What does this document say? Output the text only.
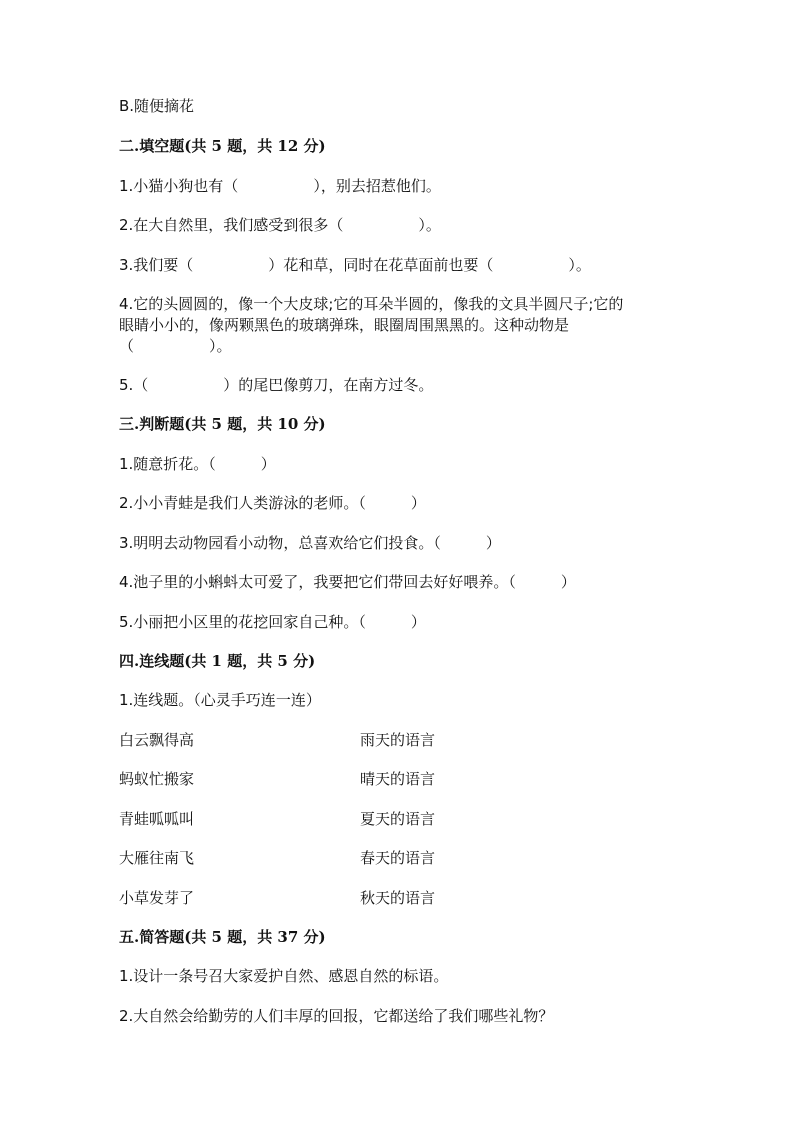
B.随便摘花
二.填空题(共 5 题，共 12 分)
1.小猫小狗也有（　　　　　），别去招惹他们。
2.在大自然里，我们感受到很多（　　　　　）。
3.我们要（　　　　　）花和草，同时在花草面前也要（　　　　　）。
4.它的头圆圆的，像一个大皮球;它的耳朵半圆的，像我的文具半圆尺子;它的
眼睛小小的，像两颗黑色的玻璃弹珠，眼圈周围黑黑的。这种动物是
（　　　　　）。
5.（　　　　　）的尾巴像剪刀，在南方过冬。
三.判断题(共 5 题，共 10 分)
1.随意折花。（　　　）
2.小小青蛙是我们人类游泳的老师。（　　　）
3.明明去动物园看小动物，总喜欢给它们投食。（　　　）
4.池子里的小蝌蚪太可爱了，我要把它们带回去好好喂养。（　　　）
5.小丽把小区里的花挖回家自己种。（　　　）
四.连线题(共 1 题，共 5 分)
1.连线题。（心灵手巧连一连）
白云飘得高	雨天的语言
蚂蚁忙搬家	晴天的语言
青蛙呱呱叫	夏天的语言
大雁往南飞	春天的语言
小草发芽了	秋天的语言
五.简答题(共 5 题，共 37 分)
1.设计一条号召大家爱护自然、感恩自然的标语。
2.大自然会给勤劳的人们丰厚的回报，它都送给了我们哪些礼物？
